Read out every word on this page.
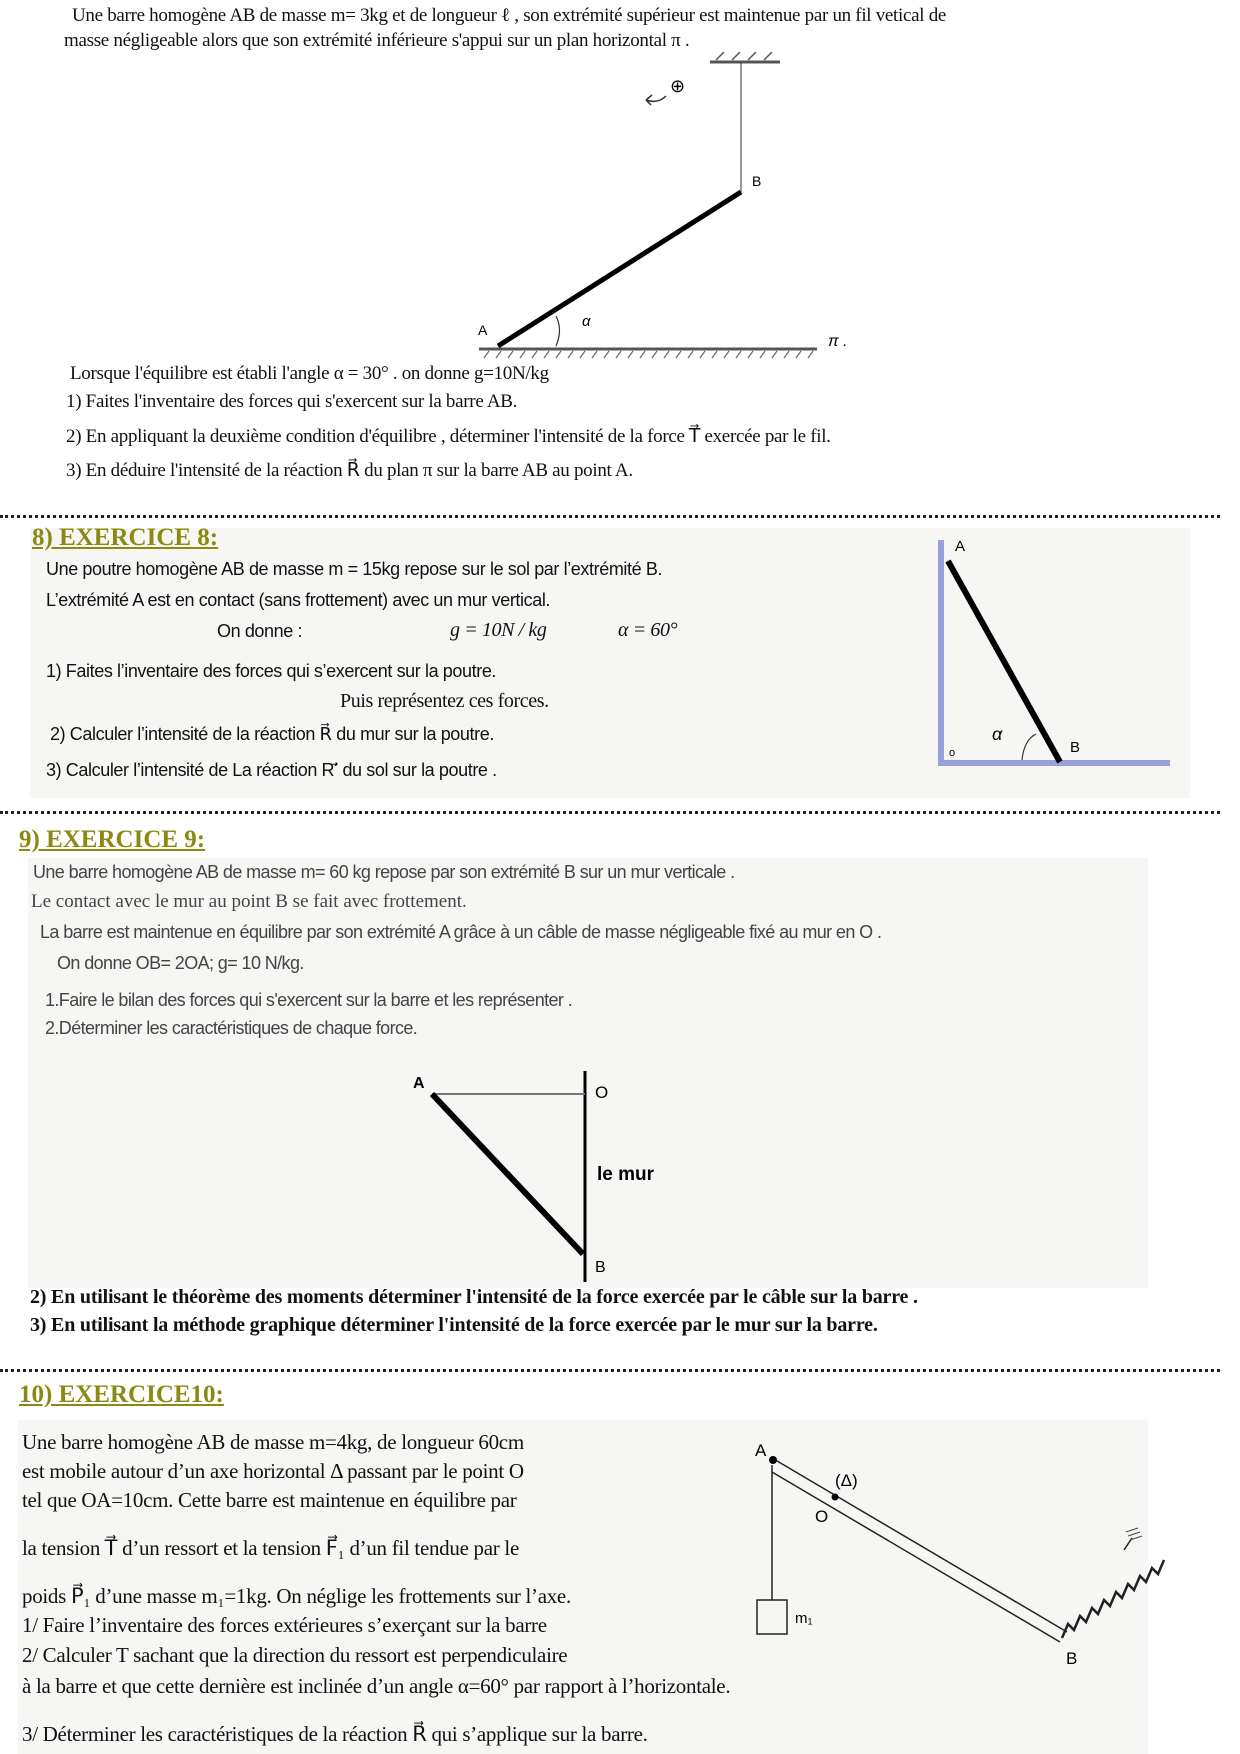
Une barre homogène AB de masse m= 3kg et de longueur ℓ , son extrémité supérieur est maintenue par un fil vetical de
masse négligeable alors que son extrémité inférieure s'appui sur un plan horizontal π .
A
B
α
π .
⊕
Lorsque l'équilibre est établi l'angle α = 30° . on donne g=10N/kg
1) Faites l'inventaire des forces qui s'exercent sur la barre AB.
2) En appliquant la deuxième condition d'équilibre , déterminer l'intensité de la force T⃗ exercée par le fil.
3) En déduire l'intensité de la réaction R⃗ du plan π sur la barre AB au point A.
8) EXERCICE 8:
Une poutre homogène AB de masse m = 15kg repose sur le sol par l’extrémité B.
L’extrémité A est en contact (sans frottement) avec un mur vertical.
On donne :	g = 10N / kg	α = 60°
1) Faites l’inventaire des forces qui s’exercent sur la poutre.
Puis représentez ces forces.
2) Calculer l’intensité de la réaction R⃗ du mur sur la poutre.
3) Calculer l’intensité de La réaction R′⃗ du sol sur la poutre .
A
B
o
α
9) EXERCICE 9:
Une barre homogène AB de masse m= 60 kg repose par son extrémité B sur un mur verticale .
Le contact avec le mur au point B se fait avec frottement.
La barre est maintenue en équilibre par son extrémité A grâce à un câble de masse négligeable fixé au mur en O .
On donne OB= 2OA; g= 10 N/kg.
1.Faire le bilan des forces qui s'exercent sur la barre et les représenter .
2.Déterminer les caractéristiques de chaque force.
A	O
B
le mur
2) En utilisant le théorème des moments déterminer l'intensité de la force exercée par le câble sur la barre .
3) En utilisant la méthode graphique déterminer l'intensité de la force exercée par le mur sur la barre.
10) EXERCICE10:
Une barre homogène AB de masse m=4kg, de longueur 60cm
est mobile autour d’un axe horizontal Δ passant par le point O
tel que OA=10cm. Cette barre est maintenue en équilibre par
la tension T⃗ d’un ressort et la tension F⃗₁ d’un fil tendue par le
poids P⃗₁ d’une masse m₁=1kg. On néglige les frottements sur l’axe.
1/ Faire l’inventaire des forces extérieures s’exerçant sur la barre
2/ Calculer T sachant que la direction du ressort est perpendiculaire
à la barre et que cette dernière est inclinée d’un angle α=60° par rapport à l’horizontale.
3/ Déterminer les caractéristiques de la réaction R⃗ qui s’applique sur la barre.
A
O
(Δ)
m₁
B
